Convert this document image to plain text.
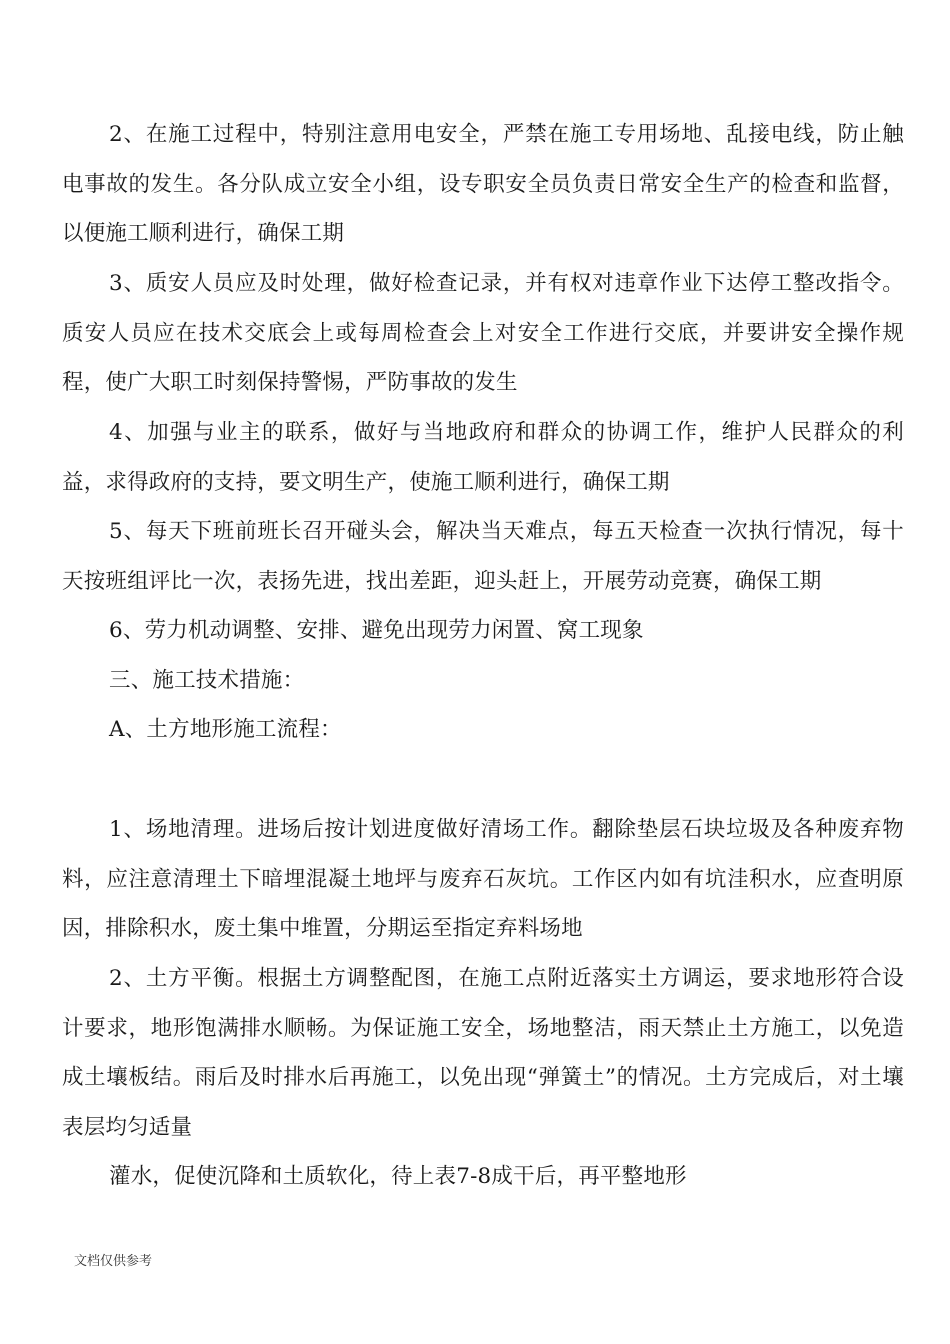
2、在施工过程中，特别注意用电安全，严禁在施工专用场地、乱接电线，防止触电事故的发生。各分队成立安全小组，设专职安全员负责日常安全生产的检查和监督，以便施工顺利进行，确保工期

3、质安人员应及时处理，做好检查记录，并有权对违章作业下达停工整改指令。质安人员应在技术交底会上或每周检查会上对安全工作进行交底，并要讲安全操作规程，使广大职工时刻保持警惕，严防事故的发生

4、加强与业主的联系，做好与当地政府和群众的协调工作，维护人民群众的利益，求得政府的支持，要文明生产，使施工顺利进行，确保工期

5、每天下班前班长召开碰头会，解决当天难点，每五天检查一次执行情况，每十天按班组评比一次，表扬先进，找出差距，迎头赶上，开展劳动竞赛，确保工期

6、劳力机动调整、安排、避免出现劳力闲置、窝工现象

三、施工技术措施：

A、土方地形施工流程：

1、场地清理。进场后按计划进度做好清场工作。翻除垫层石块垃圾及各种废弃物料，应注意清理土下暗埋混凝土地坪与废弃石灰坑。工作区内如有坑洼积水，应查明原因，排除积水，废土集中堆置，分期运至指定弃料场地

2、土方平衡。根据土方调整配图，在施工点附近落实土方调运，要求地形符合设计要求，地形饱满排水顺畅。为保证施工安全，场地整洁，雨天禁止土方施工，以免造成土壤板结。雨后及时排水后再施工，以免出现“弹簧土”的情况。土方完成后，对土壤表层均匀适量

灌水，促使沉降和土质软化，待上表7-8成干后，再平整地形

文档仅供参考
